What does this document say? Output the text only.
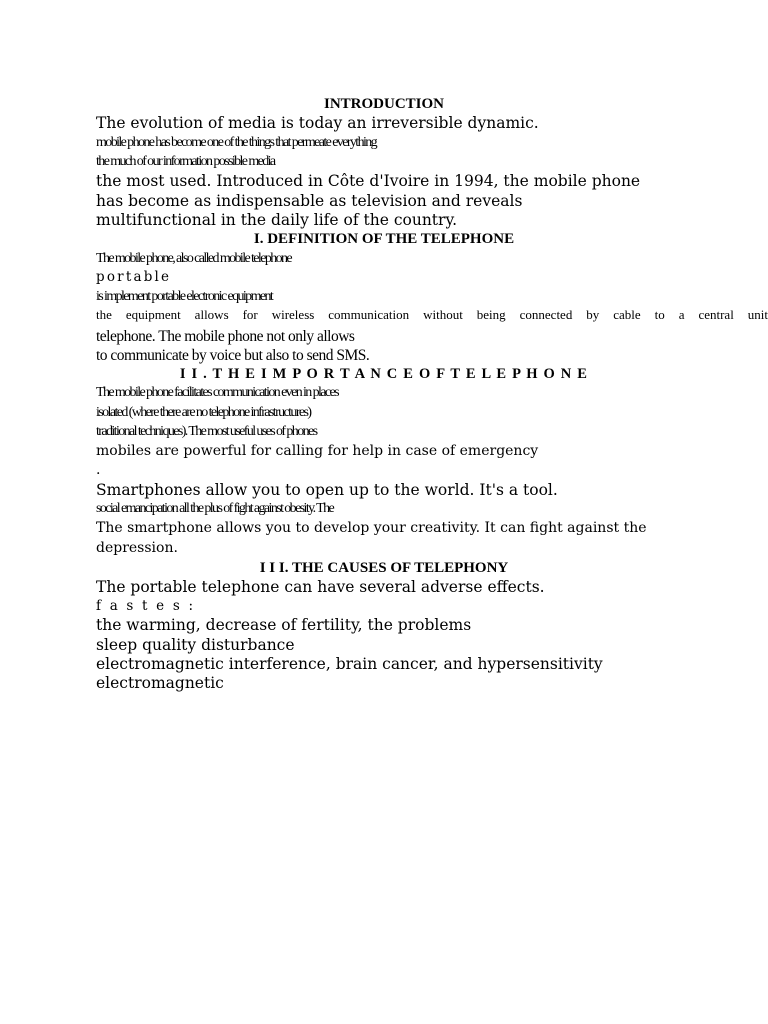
INTRODUCTION
The evolution of media is today an irreversible dynamic.
mobile phone has become one of the things that permeate everything
the much of our information possible media
the most used. Introduced in Côte d'Ivoire in 1994, the mobile phone
has become as indispensable as television and reveals
multifunctional in the daily life of the country.
I. DEFINITION OF THE TELEPHONE
The mobile phone, also called mobile telephone
portable
is implement portable electronic equipment
the equipment allows for wireless communication without being connected by cable to a central unit
telephone. The mobile phone not only allows
to communicate by voice but also to send SMS.
I I . T H E I M P O R T A N C E O F T E L E P H O N E
The mobile phone facilitates communication even in places
isolated (where there are no telephone infrastructures)
traditional techniques). The most useful uses of phones
mobiles are powerful for calling for help in case of emergency
.
Smartphones allow you to open up to the world. It's a tool.
social emancipation all the plus of fight against obesity. The
The smartphone allows you to develop your creativity. It can fight against the
depression.
I I I. THE CAUSES OF TELEPHONY
The portable telephone can have several adverse effects.
f a s t e s :
the warming, decrease of fertility, the problems
sleep quality disturbance
electromagnetic interference, brain cancer, and hypersensitivity
electromagnetic
